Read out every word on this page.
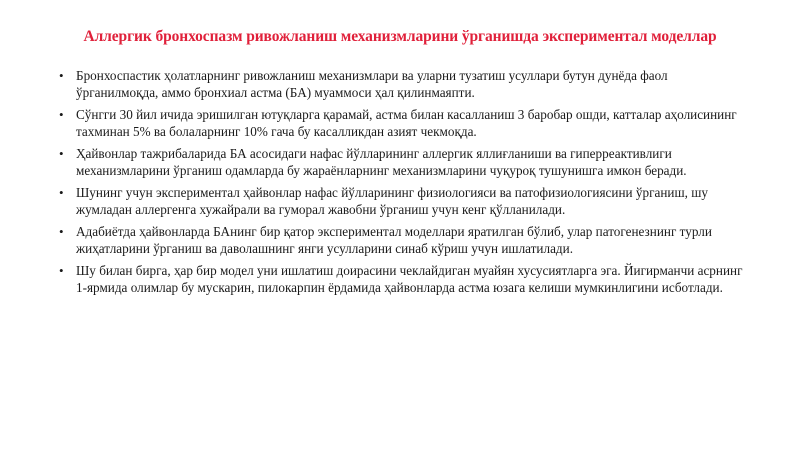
Аллергик бронхоспазм ривожланиш механизмларини ўрганишда экспериментал моделлар
• Бронхоспастик ҳолатларнинг ривожланиш механизмлари ва уларни тузатиш усуллари бутун дунёда фаол ўрганилмоқда, аммо бронхиал астма (БА) муаммоси ҳал қилинмаяпти.
• Сўнгги 30 йил ичида эришилган ютуқларга қарамай, астма билан касалланиш 3 баробар ошди, катталар аҳолисининг тахминан 5% ва болаларнинг 10% гача бу касалликдан азият чекмоқда.
• Ҳайвонлар тажрибаларида БА асосидаги нафас йўлларининг аллергик яллиғланиши ва гиперреактивлиги механизмларини ўрганиш одамларда бу жараёнларнинг механизмларини чуқуроқ тушунишга имкон беради.
• Шунинг учун экспериментал ҳайвонлар нафас йўлларининг физиологияси ва патофизиологиясини ўрганиш, шу жумладан аллергенга хужайрали ва гуморал жавобни ўрганиш учун кенг қўлланилади.
• Адабиётда ҳайвонларда БАнинг бир қатор экспериментал моделлари яратилган бўлиб, улар патогенезнинг турли жиҳатларини ўрганиш ва даволашнинг янги усулларини синаб кўриш учун ишлатилади.
• Шу билан бирга, ҳар бир модел уни ишлатиш доирасини чеклайдиган муайян хусусиятларга эга. Йигирманчи асрнинг 1-ярмида олимлар бу мускарин, пилокарпин ёрдамида ҳайвонларда астма юзага келиши мумкинлигини исботлади.
